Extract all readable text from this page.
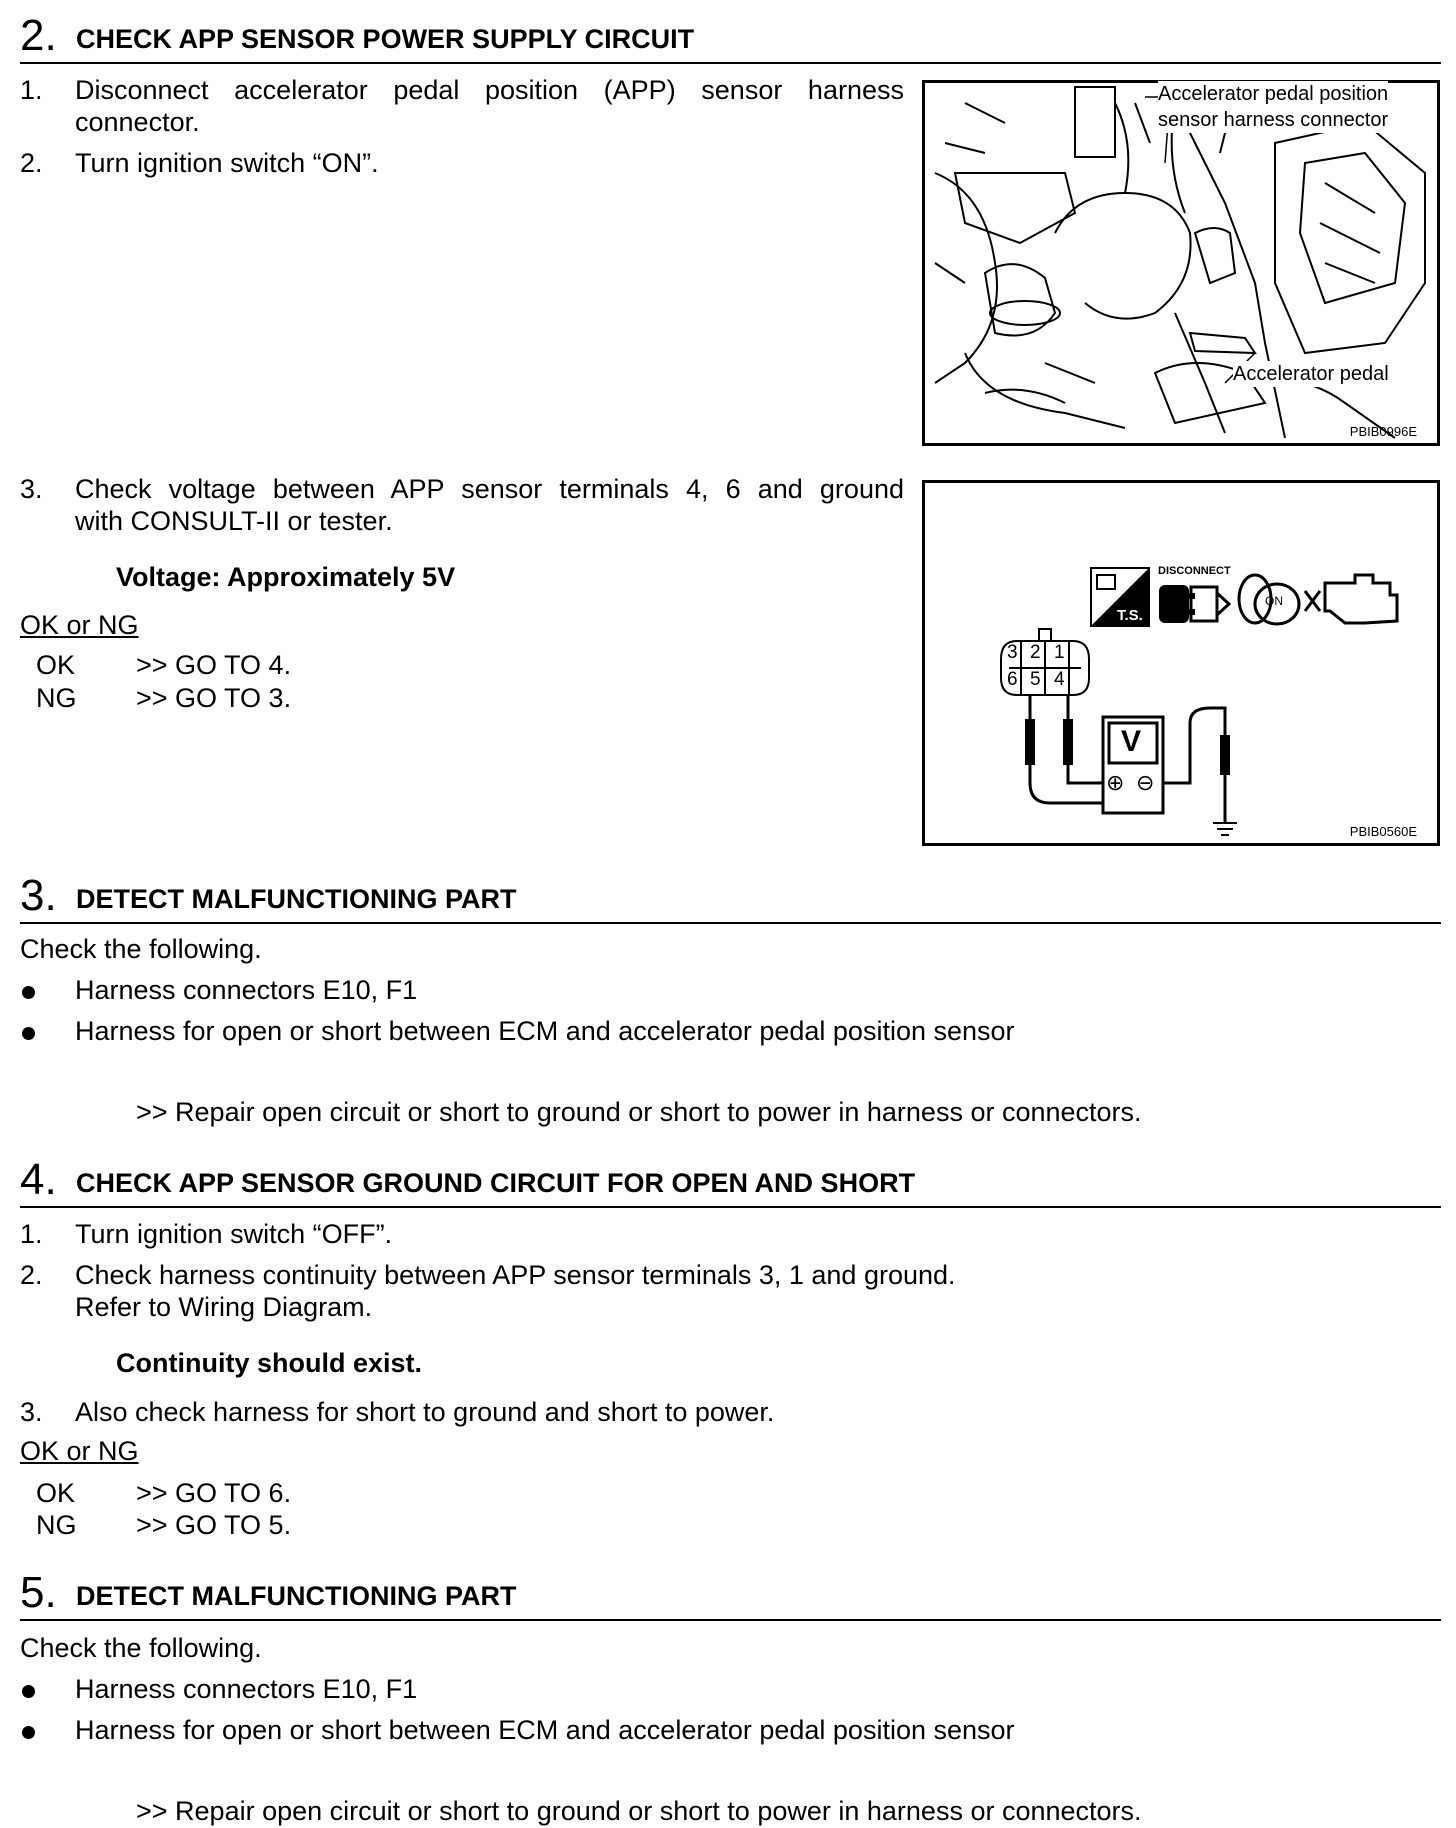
2. CHECK APP SENSOR POWER SUPPLY CIRCUIT
1. Disconnect accelerator pedal position (APP) sensor harness
connector.
2. Turn ignition switch “ON”.
Accelerator pedal position
sensor harness connector
Accelerator pedal
PBIB0996E
3. Check voltage between APP sensor terminals 4, 6 and ground
with CONSULT-II or tester.
Voltage: Approximately 5V
OK or NG
OK >> GO TO 4.
NG >> GO TO 3.
DISCONNECT
T.S.
ON
3 2 1
6 5 4
V
⊕ ⊖
PBIB0560E
3. DETECT MALFUNCTIONING PART
Check the following.
Harness connectors E10, F1
Harness for open or short between ECM and accelerator pedal position sensor
>> Repair open circuit or short to ground or short to power in harness or connectors.
4. CHECK APP SENSOR GROUND CIRCUIT FOR OPEN AND SHORT
1. Turn ignition switch “OFF”.
2. Check harness continuity between APP sensor terminals 3, 1 and ground.
Refer to Wiring Diagram.
Continuity should exist.
3. Also check harness for short to ground and short to power.
OK or NG
OK >> GO TO 6.
NG >> GO TO 5.
5. DETECT MALFUNCTIONING PART
Check the following.
Harness connectors E10, F1
Harness for open or short between ECM and accelerator pedal position sensor
>> Repair open circuit or short to ground or short to power in harness or connectors.
